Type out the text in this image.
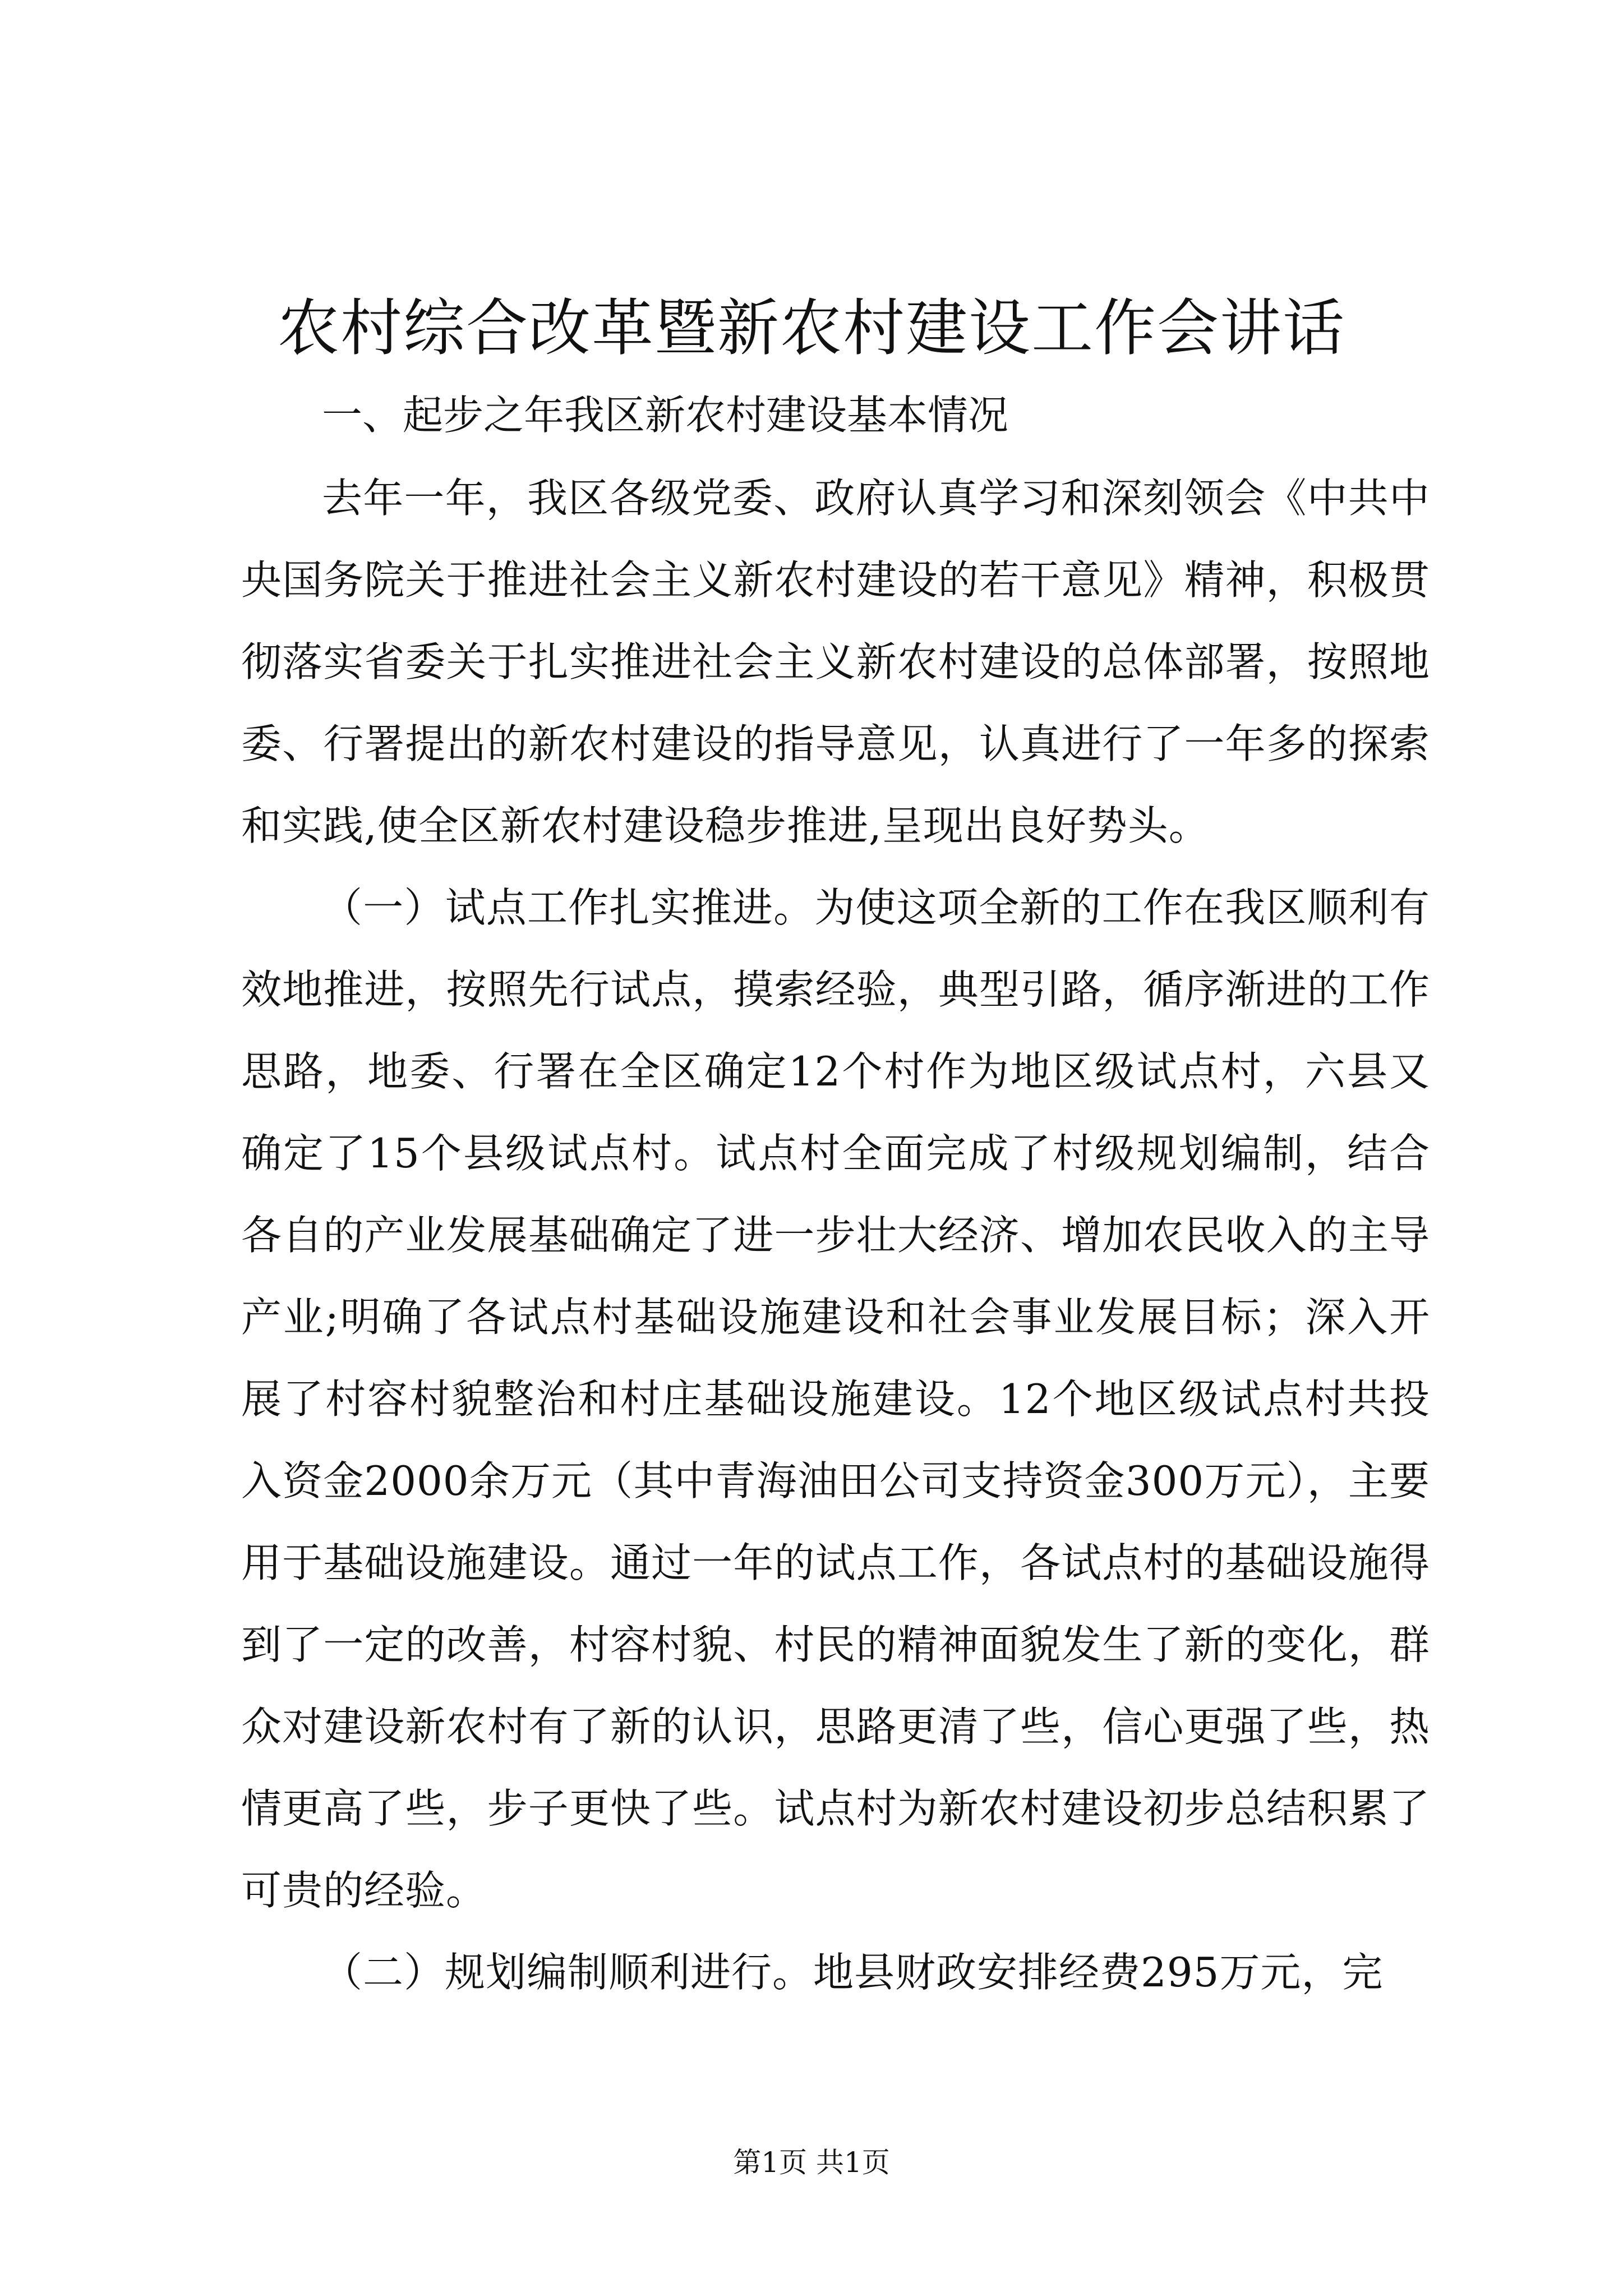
农村综合改革暨新农村建设工作会讲话

一、起步之年我区新农村建设基本情况

去年一年，我区各级党委、政府认真学习和深刻领会《中共中央国务院关于推进社会主义新农村建设的若干意见》精神，积极贯彻落实省委关于扎实推进社会主义新农村建设的总体部署，按照地委、行署提出的新农村建设的指导意见，认真进行了一年多的探索和实践,使全区新农村建设稳步推进,呈现出良好势头。

（一）试点工作扎实推进。为使这项全新的工作在我区顺利有效地推进，按照先行试点，摸索经验，典型引路，循序渐进的工作思路，地委、行署在全区确定12个村作为地区级试点村，六县又确定了15个县级试点村。试点村全面完成了村级规划编制，结合各自的产业发展基础确定了进一步壮大经济、增加农民收入的主导产业;明确了各试点村基础设施建设和社会事业发展目标；深入开展了村容村貌整治和村庄基础设施建设。12个地区级试点村共投入资金2000余万元（其中青海油田公司支持资金300万元），主要用于基础设施建设。通过一年的试点工作，各试点村的基础设施得到了一定的改善，村容村貌、村民的精神面貌发生了新的变化，群众对建设新农村有了新的认识，思路更清了些，信心更强了些，热情更高了些，步子更快了些。试点村为新农村建设初步总结积累了可贵的经验。

（二）规划编制顺利进行。地县财政安排经费295万元，完

第1页 共1页
